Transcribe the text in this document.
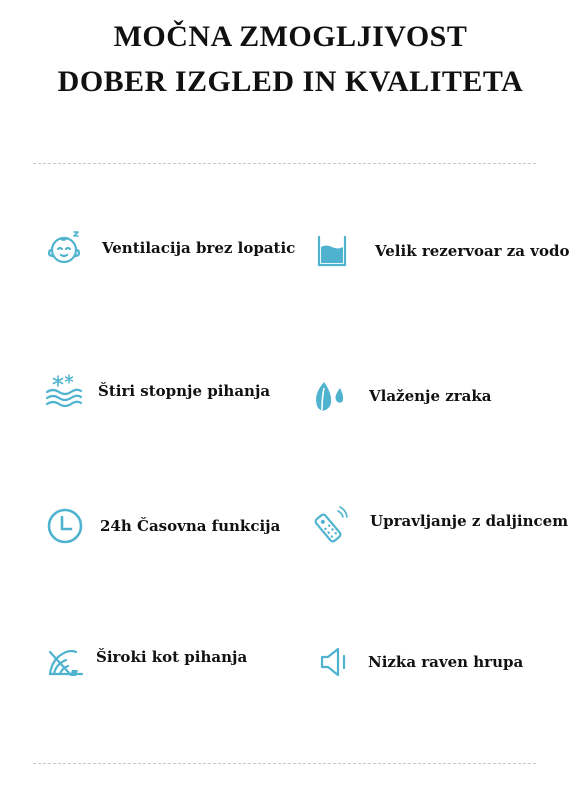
MOČNA ZMOGLJIVOST
DOBER IZGLED IN KVALITETA
Ventilacija brez lopatic	Velik rezervoar za vodo
Štiri stopnje pihanja	Vlaženje zraka
24h Časovna funkcija	Upravljanje z daljincem
Široki kot pihanja	Nizka raven hrupa
